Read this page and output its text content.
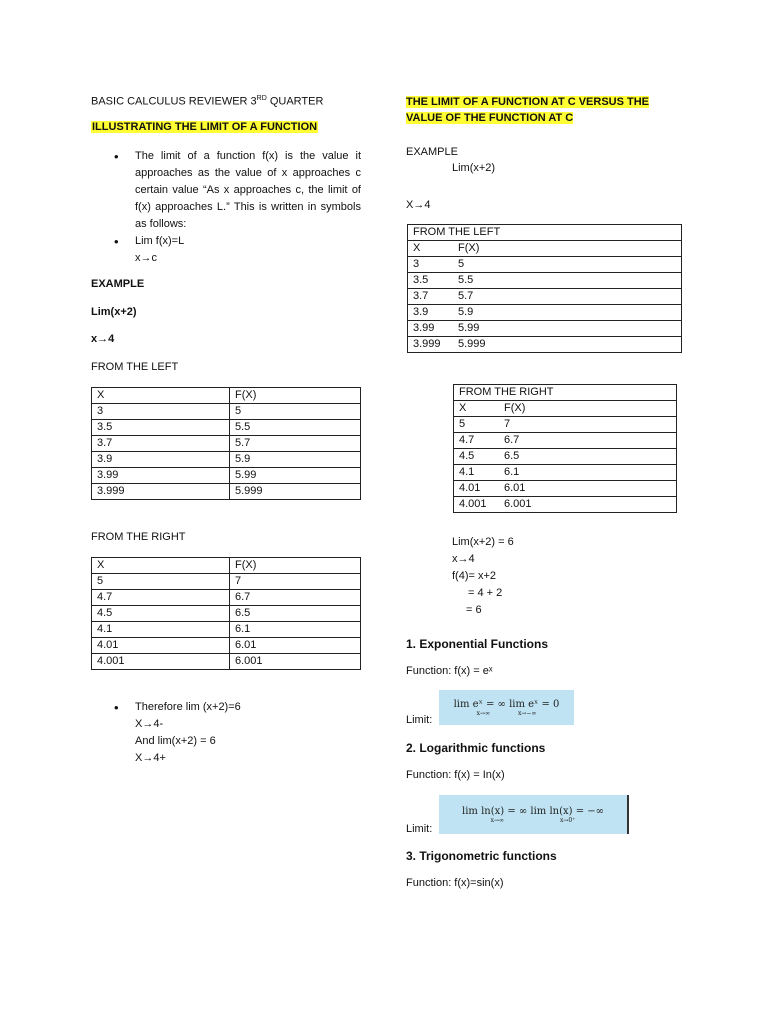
BASIC CALCULUS REVIEWER 3RD QUARTER
ILLUSTRATING THE LIMIT OF A FUNCTION
• The limit of a function f(x) is the value it approaches as the value of x approaches c certain value “As x approaches c, the limit of f(x) approaches L.” This is written in symbols as follows:
• Lim f(x)=L
x→c
EXAMPLE
Lim(x+2)
x→4
FROM THE LEFT
X	F(X)
3	5
3.5	5.5
3.7	5.7
3.9	5.9
3.99	5.99
3.999	5.999
FROM THE RIGHT
X	F(X)
5	7
4.7	6.7
4.5	6.5
4.1	6.1
4.01	6.01
4.001	6.001
• Therefore lim (x+2)=6
X→4-
And lim(x+2) = 6
X→4+
THE LIMIT OF A FUNCTION AT C VERSUS THE VALUE OF THE FUNCTION AT C
EXAMPLE
Lim(x+2)
X→4
FROM THE LEFT	
X	F(X)
3	5
3.5	5.5
3.7	5.7
3.9	5.9
3.99	5.99
3.999	5.999
FROM THE RIGHT	
X	F(X)
5	7
4.7	6.7
4.5	6.5
4.1	6.1
4.01	6.01
4.001	6.001
Lim(x+2) = 6
x→4
f(4)= x+2
= 4 + 2
= 6
1. Exponential Functions
Function: f(x) = eˣ
Limit:
lim eˣ = ∞ lim eˣ = 0
x→∞	x→−∞
2. Logarithmic functions
Function: f(x) = In(x)
Limit:
lim ln(x) = ∞ lim ln(x) = −∞
x→∞	x→0⁺
3. Trigonometric functions
Function: f(x)=sin(x)
